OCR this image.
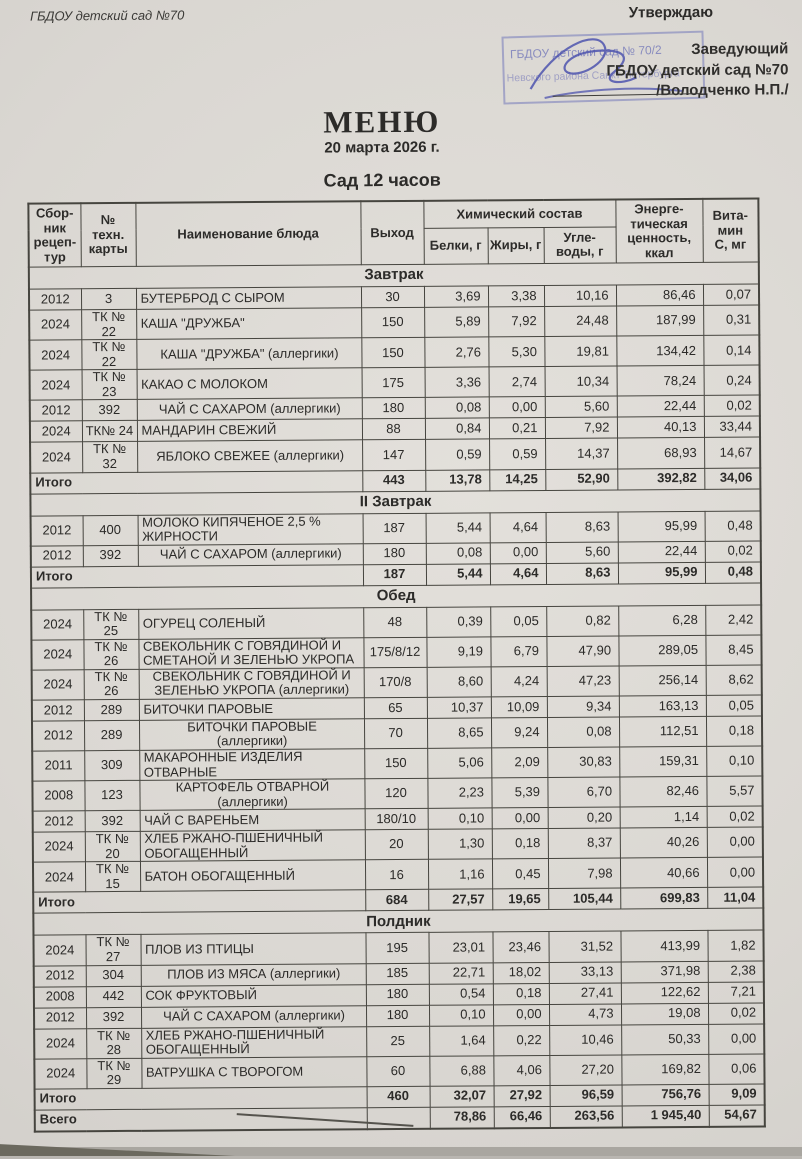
ГБДОУ детский сад №70	Утверждаю
ГБДОУ детский сад № 70/2
Невского района Санкт-Петербурга
Заведующий
ГБДОУ детский сад №70
/Володченко Н.П./
МЕНЮ
20 марта 2026 г.
Сад 12 часов
Сбор-
ник
рецеп-
тур	№
техн.
карты	Наименование блюда	Выход	Химический состав			Энерге-
тическая
ценность,
ккал	Вита-
мин
С, мг
				Белки, г	Жиры, г	Угле-
воды, г		
Завтрак								
2012	3	БУТЕРБРОД С СЫРОМ	30	3,69	3,38	10,16	86,46	0,07
2024	ТК № 22	КАША "ДРУЖБА"	150	5,89	7,92	24,48	187,99	0,31
2024	ТК № 22	КАША "ДРУЖБА" (аллергики)	150	2,76	5,30	19,81	134,42	0,14
2024	ТК № 23	КАКАО С МОЛОКОМ	175	3,36	2,74	10,34	78,24	0,24
2012	392	ЧАЙ С САХАРОМ (аллергики)	180	0,08	0,00	5,60	22,44	0,02
2024	ТК№ 24	МАНДАРИН СВЕЖИЙ	88	0,84	0,21	7,92	40,13	33,44
2024	ТК № 32	ЯБЛОКО СВЕЖЕЕ (аллергики)	147	0,59	0,59	14,37	68,93	14,67
Итого			443	13,78	14,25	52,90	392,82	34,06
II Завтрак								
2012	400	МОЛОКО КИПЯЧЕНОЕ 2,5 %
ЖИРНОСТИ	187	5,44	4,64	8,63	95,99	0,48
2012	392	ЧАЙ С САХАРОМ (аллергики)	180	0,08	0,00	5,60	22,44	0,02
Итого			187	5,44	4,64	8,63	95,99	0,48
Обед								
2024	ТК № 25	ОГУРЕЦ СОЛЕНЫЙ	48	0,39	0,05	0,82	6,28	2,42
2024	ТК № 26	СВЕКОЛЬНИК С ГОВЯДИНОЙ И
СМЕТАНОЙ И ЗЕЛЕНЬЮ УКРОПА	175/8/12	9,19	6,79	47,90	289,05	8,45
2024	ТК № 26	СВЕКОЛЬНИК С ГОВЯДИНОЙ И
ЗЕЛЕНЬЮ УКРОПА (аллергики)	170/8	8,60	4,24	47,23	256,14	8,62
2012	289	БИТОЧКИ ПАРОВЫЕ	65	10,37	10,09	9,34	163,13	0,05
2012	289	БИТОЧКИ ПАРОВЫЕ
(аллергики)	70	8,65	9,24	0,08	112,51	0,18
2011	309	МАКАРОННЫЕ ИЗДЕЛИЯ
ОТВАРНЫЕ	150	5,06	2,09	30,83	159,31	0,10
2008	123	КАРТОФЕЛЬ ОТВАРНОЙ
(аллергики)	120	2,23	5,39	6,70	82,46	5,57
2012	392	ЧАЙ С ВАРЕНЬЕМ	180/10	0,10	0,00	0,20	1,14	0,02
2024	ТК № 20	ХЛЕБ РЖАНО-ПШЕНИЧНЫЙ
ОБОГАЩЕННЫЙ	20	1,30	0,18	8,37	40,26	0,00
2024	ТК № 15	БАТОН ОБОГАЩЕННЫЙ	16	1,16	0,45	7,98	40,66	0,00
Итого			684	27,57	19,65	105,44	699,83	11,04
Полдник								
2024	ТК № 27	ПЛОВ ИЗ ПТИЦЫ	195	23,01	23,46	31,52	413,99	1,82
2012	304	ПЛОВ ИЗ МЯСА (аллергики)	185	22,71	18,02	33,13	371,98	2,38
2008	442	СОК ФРУКТОВЫЙ	180	0,54	0,18	27,41	122,62	7,21
2012	392	ЧАЙ С САХАРОМ (аллергики)	180	0,10	0,00	4,73	19,08	0,02
2024	ТК № 28	ХЛЕБ РЖАНО-ПШЕНИЧНЫЙ
ОБОГАЩЕННЫЙ	25	1,64	0,22	10,46	50,33	0,00
2024	ТК № 29	ВАТРУШКА С ТВОРОГОМ	60	6,88	4,06	27,20	169,82	0,06
Итого			460	32,07	27,92	96,59	756,76	9,09
Всего				78,86	66,46	263,56	1 945,40	54,67
